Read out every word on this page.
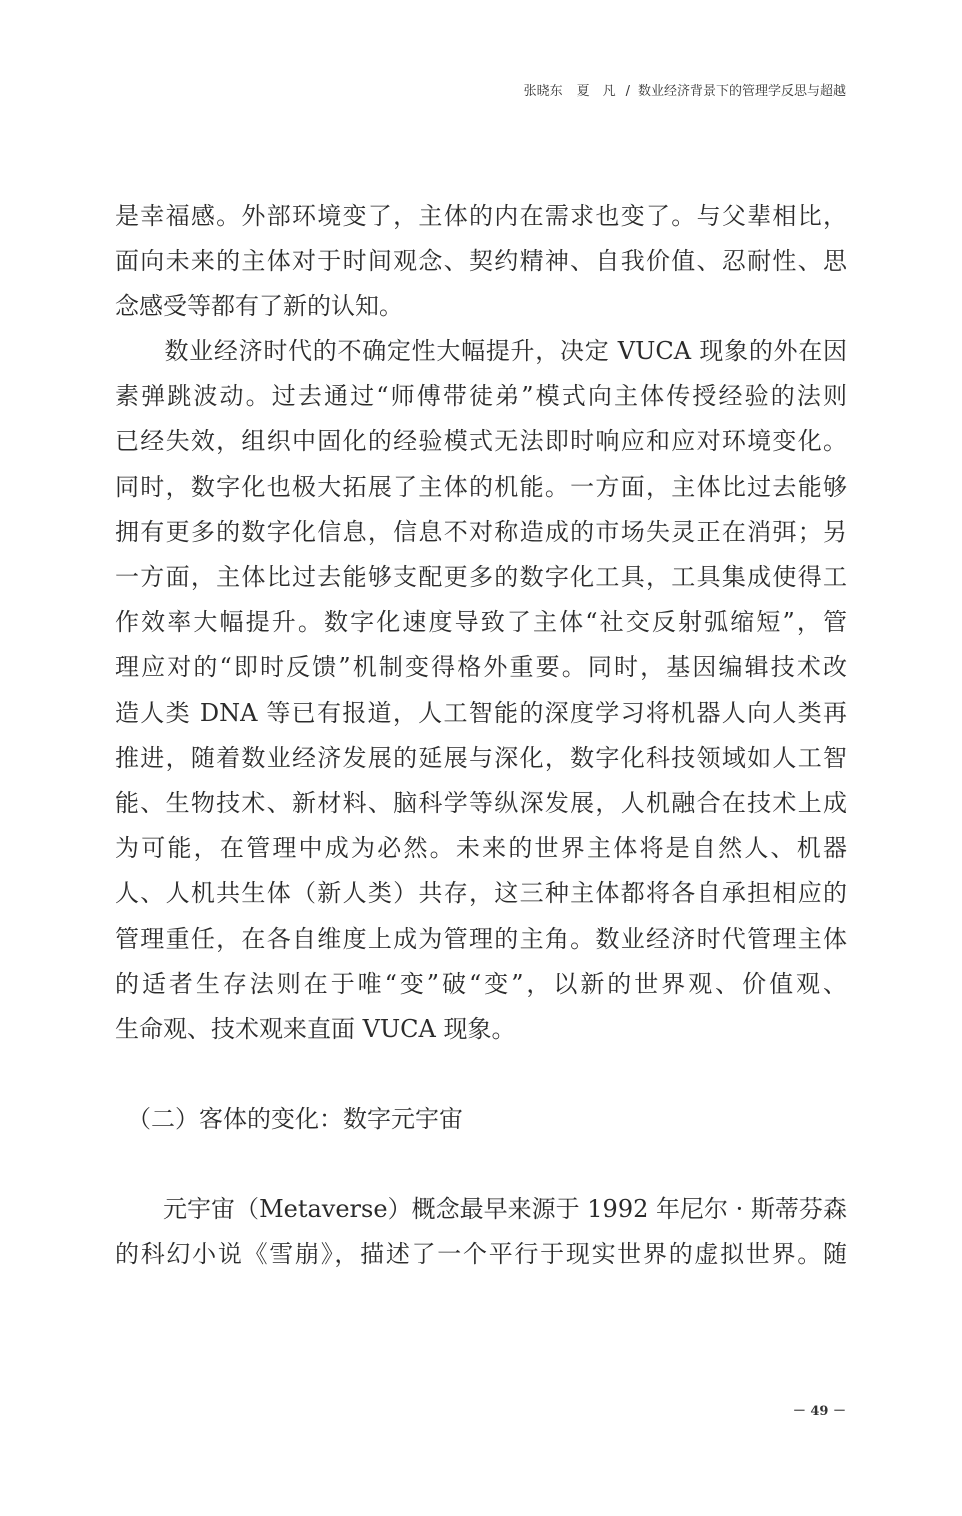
张晓东 夏　凡 / 数业经济背景下的管理学反思与超越
是幸福感。外部环境变了，主体的内在需求也变了。与父辈相比，
面向未来的主体对于时间观念、契约精神、自我价值、忍耐性、思
念感受等都有了新的认知。
　　数业经济时代的不确定性大幅提升，决定 VUCA 现象的外在因
素弹跳波动。过去通过“师傅带徒弟”模式向主体传授经验的法则
已经失效，组织中固化的经验模式无法即时响应和应对环境变化。
同时，数字化也极大拓展了主体的机能。一方面，主体比过去能够
拥有更多的数字化信息，信息不对称造成的市场失灵正在消弭；另
一方面，主体比过去能够支配更多的数字化工具，工具集成使得工
作效率大幅提升。数字化速度导致了主体“社交反射弧缩短”，管
理应对的“即时反馈”机制变得格外重要。同时，基因编辑技术改
造人类 DNA 等已有报道，人工智能的深度学习将机器人向人类再
推进，随着数业经济发展的延展与深化，数字化科技领域如人工智
能、生物技术、新材料、脑科学等纵深发展，人机融合在技术上成
为可能，在管理中成为必然。未来的世界主体将是自然人、机器
人、人机共生体（新人类）共存，这三种主体都将各自承担相应的
管理重任，在各自维度上成为管理的主角。数业经济时代管理主体
的适者生存法则在于唯“变”破“变”，以新的世界观、价值观、
生命观、技术观来直面 VUCA 现象。
　（二）客体的变化：数字元宇宙
　　元宇宙（Metaverse）概念最早来源于 1992 年尼尔 · 斯蒂芬森
的科幻小说《雪崩》，描述了一个平行于现实世界的虚拟世界。随
－ 49 －
